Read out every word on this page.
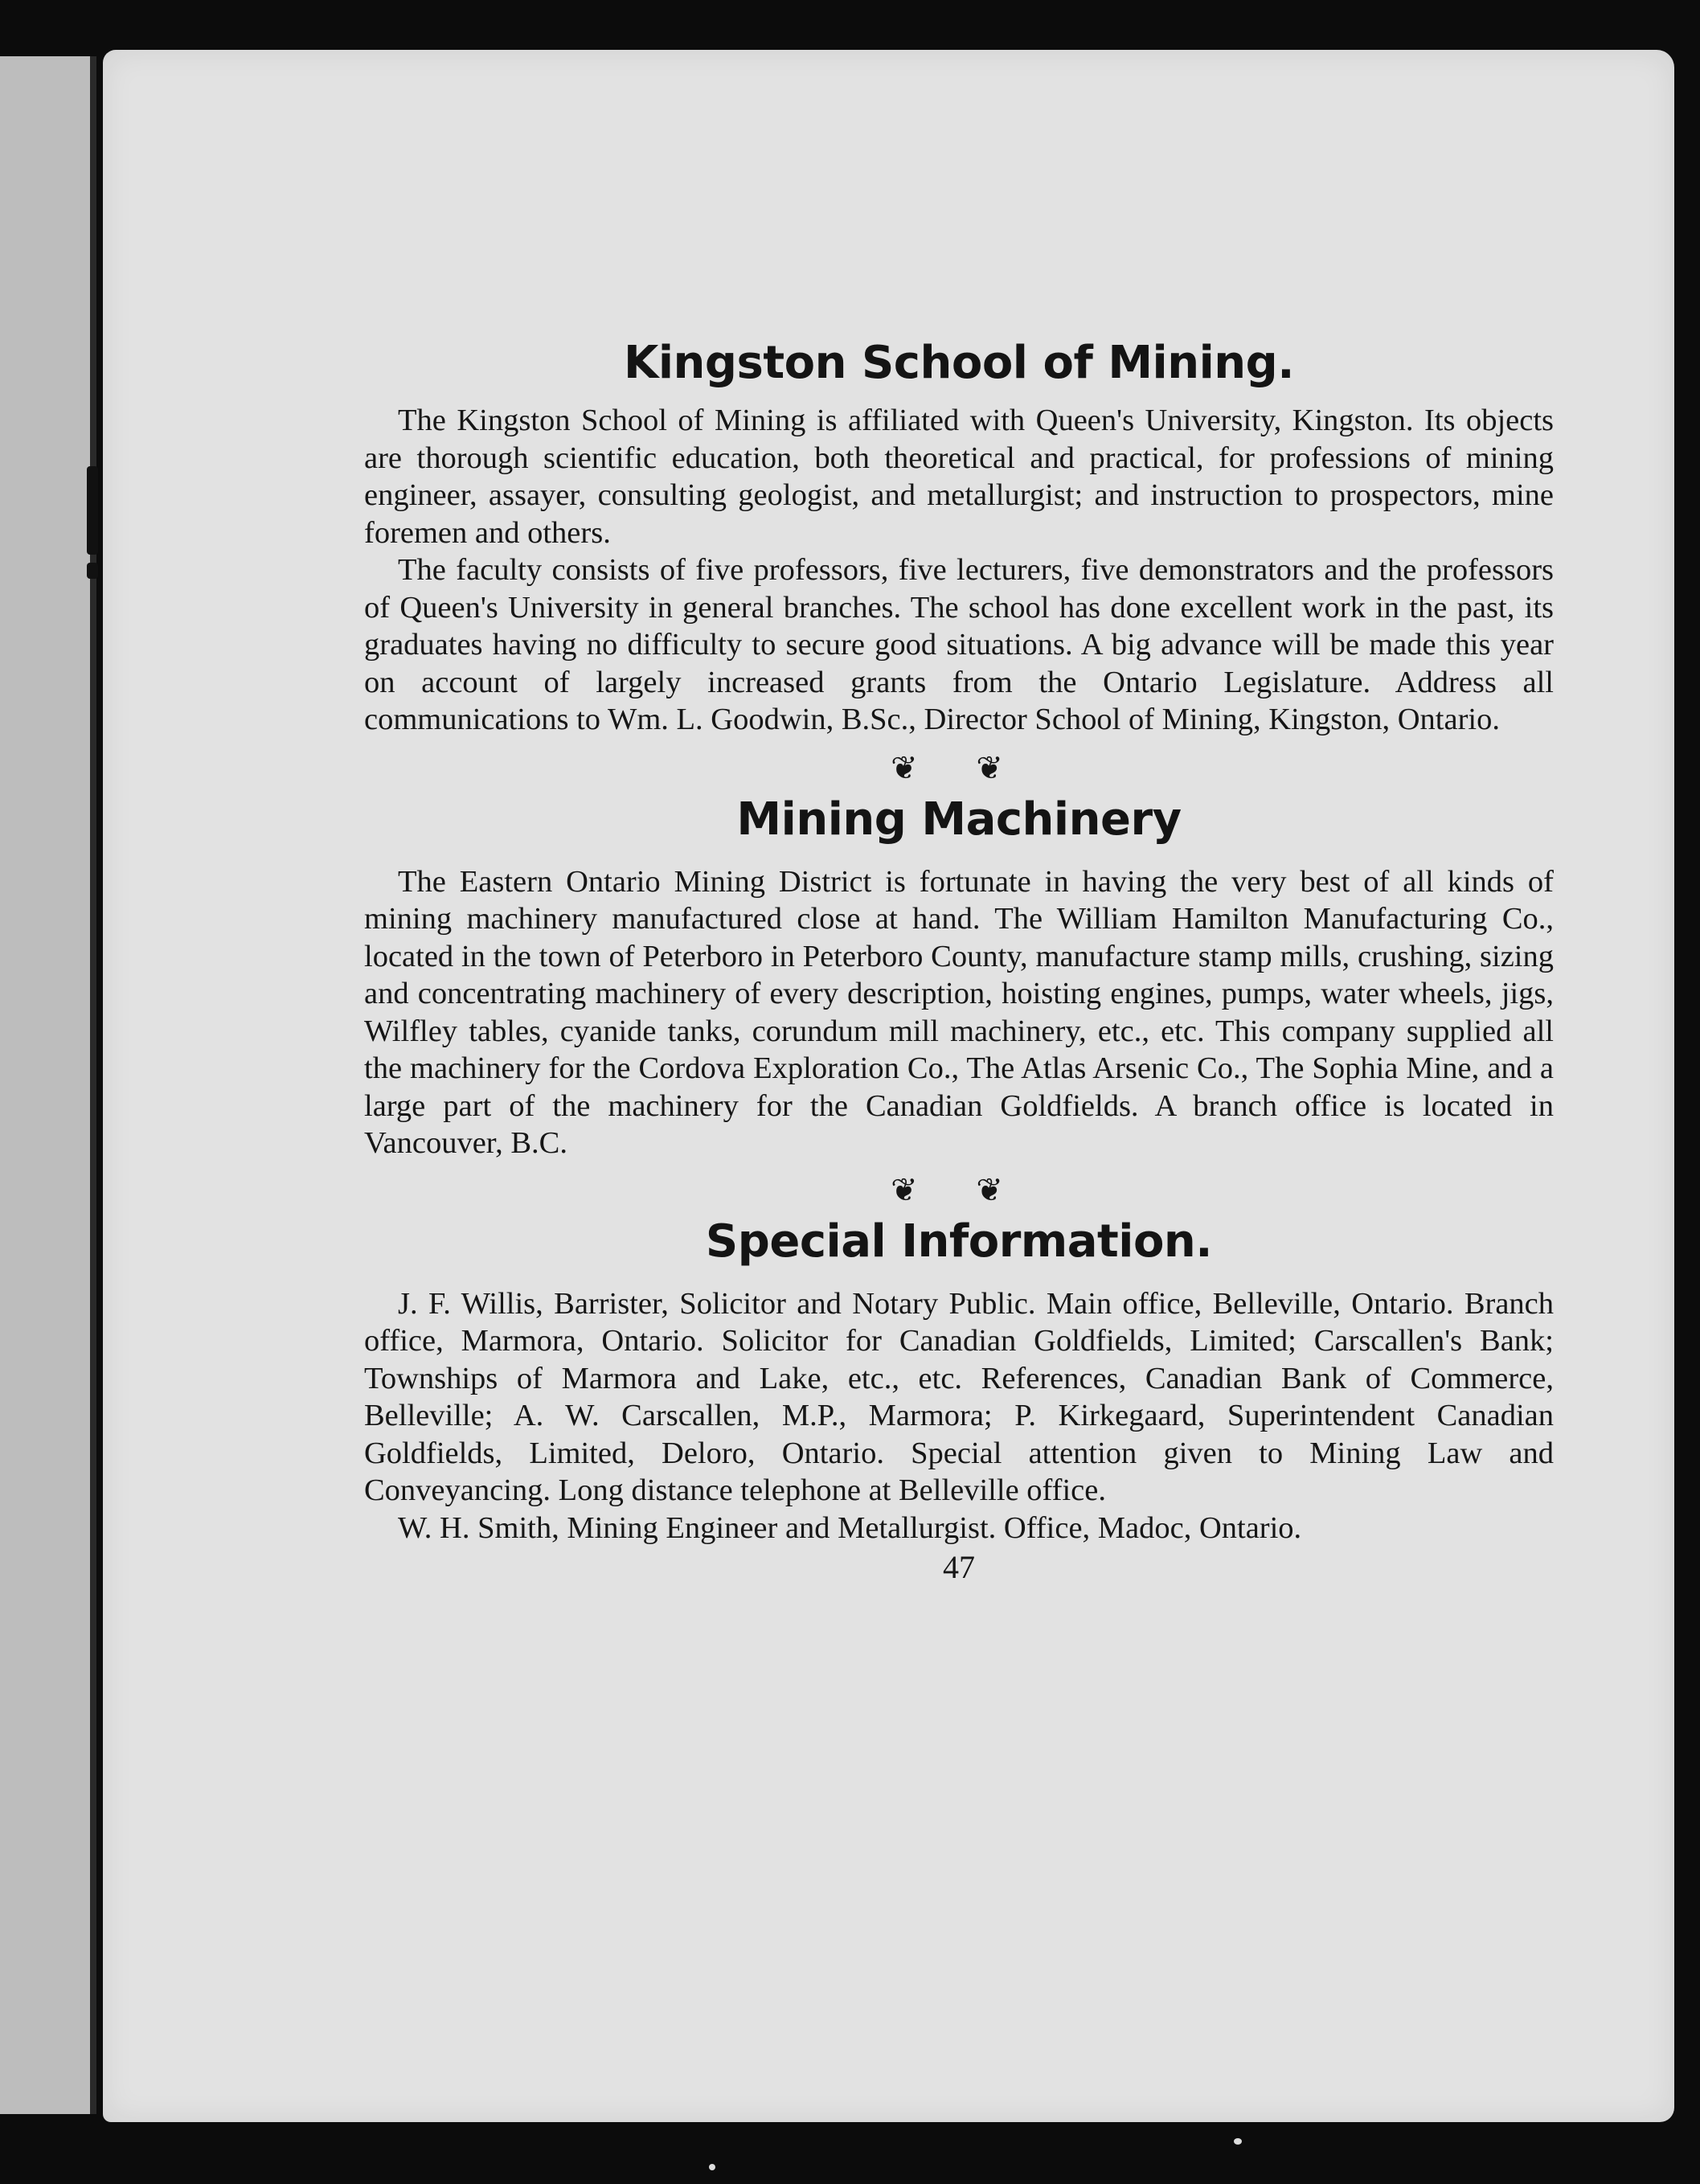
Kingston School of Mining.

The Kingston School of Mining is affiliated with Queen's University, Kingston. Its objects are thorough scientific education, both theoretical and practical, for professions of mining engineer, assayer, consulting geologist, and metallurgist; and instruction to prospectors, mine foremen and others.

The faculty consists of five professors, five lecturers, five demonstrators and the professors of Queen's University in general branches. The school has done excellent work in the past, its graduates having no difficulty to secure good situations. A big advance will be made this year on account of largely increased grants from the Ontario Legislature. Address all communications to Wm. L. Goodwin, B.Sc., Director School of Mining, Kingston, Ontario.

❦ ❦

Mining Machinery

The Eastern Ontario Mining District is fortunate in having the very best of all kinds of mining machinery manufactured close at hand. The William Hamilton Manufacturing Co., located in the town of Peterboro in Peterboro County, manufacture stamp mills, crushing, sizing and concentrating machinery of every description, hoisting engines, pumps, water wheels, jigs, Wilfley tables, cyanide tanks, corundum mill machinery, etc., etc. This company supplied all the machinery for the Cordova Exploration Co., The Atlas Arsenic Co., The Sophia Mine, and a large part of the machinery for the Canadian Goldfields. A branch office is located in Vancouver, B.C.

❦ ❦

Special Information.

J. F. Willis, Barrister, Solicitor and Notary Public. Main office, Belleville, Ontario. Branch office, Marmora, Ontario. Solicitor for Canadian Goldfields, Limited; Carscallen's Bank; Townships of Marmora and Lake, etc., etc. References, Canadian Bank of Commerce, Belleville; A. W. Carscallen, M.P., Marmora; P. Kirkegaard, Superintendent Canadian Goldfields, Limited, Deloro, Ontario. Special attention given to Mining Law and Conveyancing. Long distance telephone at Belleville office.

W. H. Smith, Mining Engineer and Metallurgist. Office, Madoc, Ontario.

47
